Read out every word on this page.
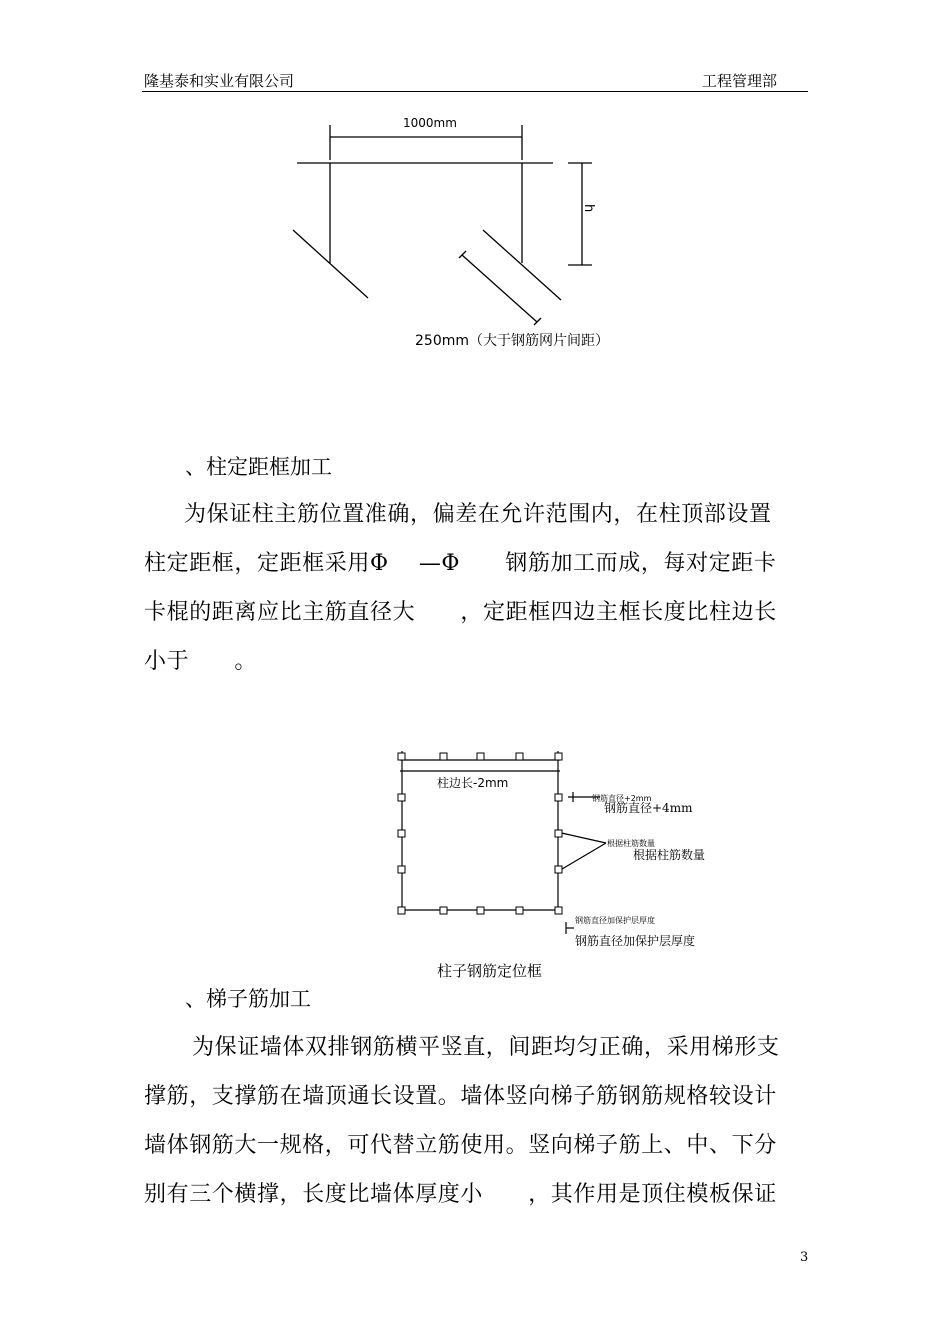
隆基泰和实业有限公司	工程管理部
1000mm
h
250mm（大于钢筋网片间距）
、柱定距框加工
为保证柱主筋位置准确，偏差在允许范围内，在柱顶部设置
柱定距框，定距框采用Φ　 —Φ　　钢筋加工而成，每对定距卡
卡棍的距离应比主筋直径大　　，定距框四边主框长度比柱边长
小于　　。
柱边长-2mm
钢筋直径+2mm
钢筋直径+4mm
根据柱筋数量
根据柱筋数量
钢筋直径加保护层厚度
钢筋直径加保护层厚度
柱子钢筋定位框
、梯子筋加工
为保证墙体双排钢筋横平竖直，间距均匀正确，采用梯形支
撑筋，支撑筋在墙顶通长设置。墙体竖向梯子筋钢筋规格较设计
墙体钢筋大一规格，可代替立筋使用。竖向梯子筋上、中、下分
别有三个横撑，长度比墙体厚度小　　，其作用是顶住模板保证
3
